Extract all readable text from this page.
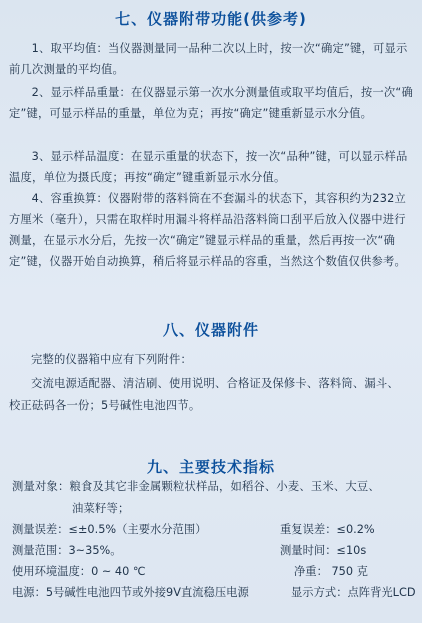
七、仪器附带功能(供参考)

1、取平均值：当仪器测量同一品种二次以上时，按一次“确定”键，可显示前几次测量的平均值。

2、显示样品重量：在仪器显示第一次水分测量值或取平均值后，按一次“确定”键，可显示样品的重量，单位为克；再按“确定”键重新显示水分值。

3、显示样品温度：在显示重量的状态下，按一次“品种”键，可以显示样品温度，单位为摄氏度；再按“确定”键重新显示水分值。

4、容重换算：仪器附带的落料筒在不套漏斗的状态下，其容积约为232立方厘米（毫升），只需在取样时用漏斗将样品沿落料筒口刮平后放入仪器中进行测量，在显示水分后，先按一次“确定”键显示样品的重量，然后再按一次“确定”键，仪器开始自动换算，稍后将显示样品的容重，当然这个数值仅供参考。

八、仪器附件
完整的仪器箱中应有下列附件：
交流电源适配器、清洁刷、使用说明、合格证及保修卡、落料筒、漏斗、
校正砝码各一份；5号碱性电池四节。
九、主要技术指标
测量对象：粮食及其它非金属颗粒状样品，如稻谷、小麦、玉米、大豆、
油菜籽等；
测量误差：≤±0.5%（主要水分范围）	重复误差：≤0.2%
测量范围：3~35%。	测量时间：≤10s
使用环境温度：0 ~ 40 ℃	净重： 750 克
电源：5号碱性电池四节或外接9V直流稳压电源	显示方式：点阵背光LCD
